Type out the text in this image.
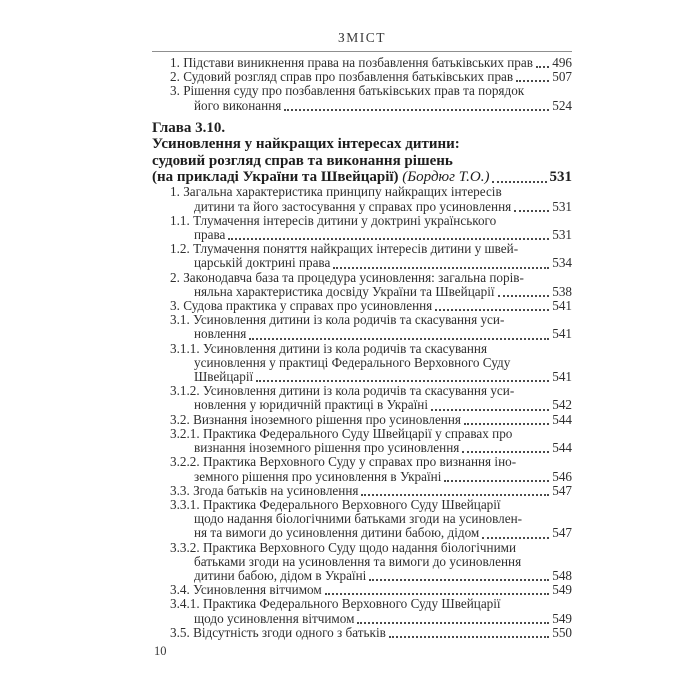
ЗМІСТ
1. Підстави виникнення права на позбавлення батьківських прав 496
2. Судовий розгляд справ про позбавлення батьківських прав	507
3. Рішення суду про позбавлення батьківських прав та порядок
його виконання	524
Глава 3.10.
Усиновлення у найкращих інтересах дитини:
судовий розгляд справ та виконання рішень
(на прикладі України та Швейцарії) (Бордюг Т.О.)	531
1. Загальна характеристика принципу найкращих інтересів
дитини та його застосування у справах про усиновлення	531
1.1. Тлумачення інтересів дитини у доктрині українського
права	531
1.2. Тлумачення поняття найкращих інтересів дитини у швей-
царській доктрині права	534
2. Законодавча база та процедура усиновлення: загальна порів-
няльна характеристика досвіду України та Швейцарії	538
3. Судова практика у справах про усиновлення	541
3.1. Усиновлення дитини із кола родичів та скасування уси-
новлення	541
3.1.1. Усиновлення дитини із кола родичів та скасування
усиновлення у практиці Федерального Верховного Суду
Швейцарії	541
3.1.2. Усиновлення дитини із кола родичів та скасування уси-
новлення у юридичній практиці в Україні	542
3.2. Визнання іноземного рішення про усиновлення	544
3.2.1. Практика Федерального Суду Швейцарії у справах про
визнання іноземного рішення про усиновлення	544
3.2.2. Практика Верховного Суду у справах про визнання іно-
земного рішення про усиновлення в Україні	546
3.3. Згода батьків на усиновлення	547
3.3.1. Практика Федерального Верховного Суду Швейцарії
щодо надання біологічними батьками згоди на усиновлен-
ня та вимоги до усиновлення дитини бабою, дідом	547
3.3.2. Практика Верховного Суду щодо надання біологічними
батьками згоди на усиновлення та вимоги до усиновлення
дитини бабою, дідом в Україні	548
3.4. Усиновлення вітчимом	549
3.4.1. Практика Федерального Верховного Суду Швейцарії
щодо усиновлення вітчимом	549
3.5. Відсутність згоди одного з батьків	550
10
